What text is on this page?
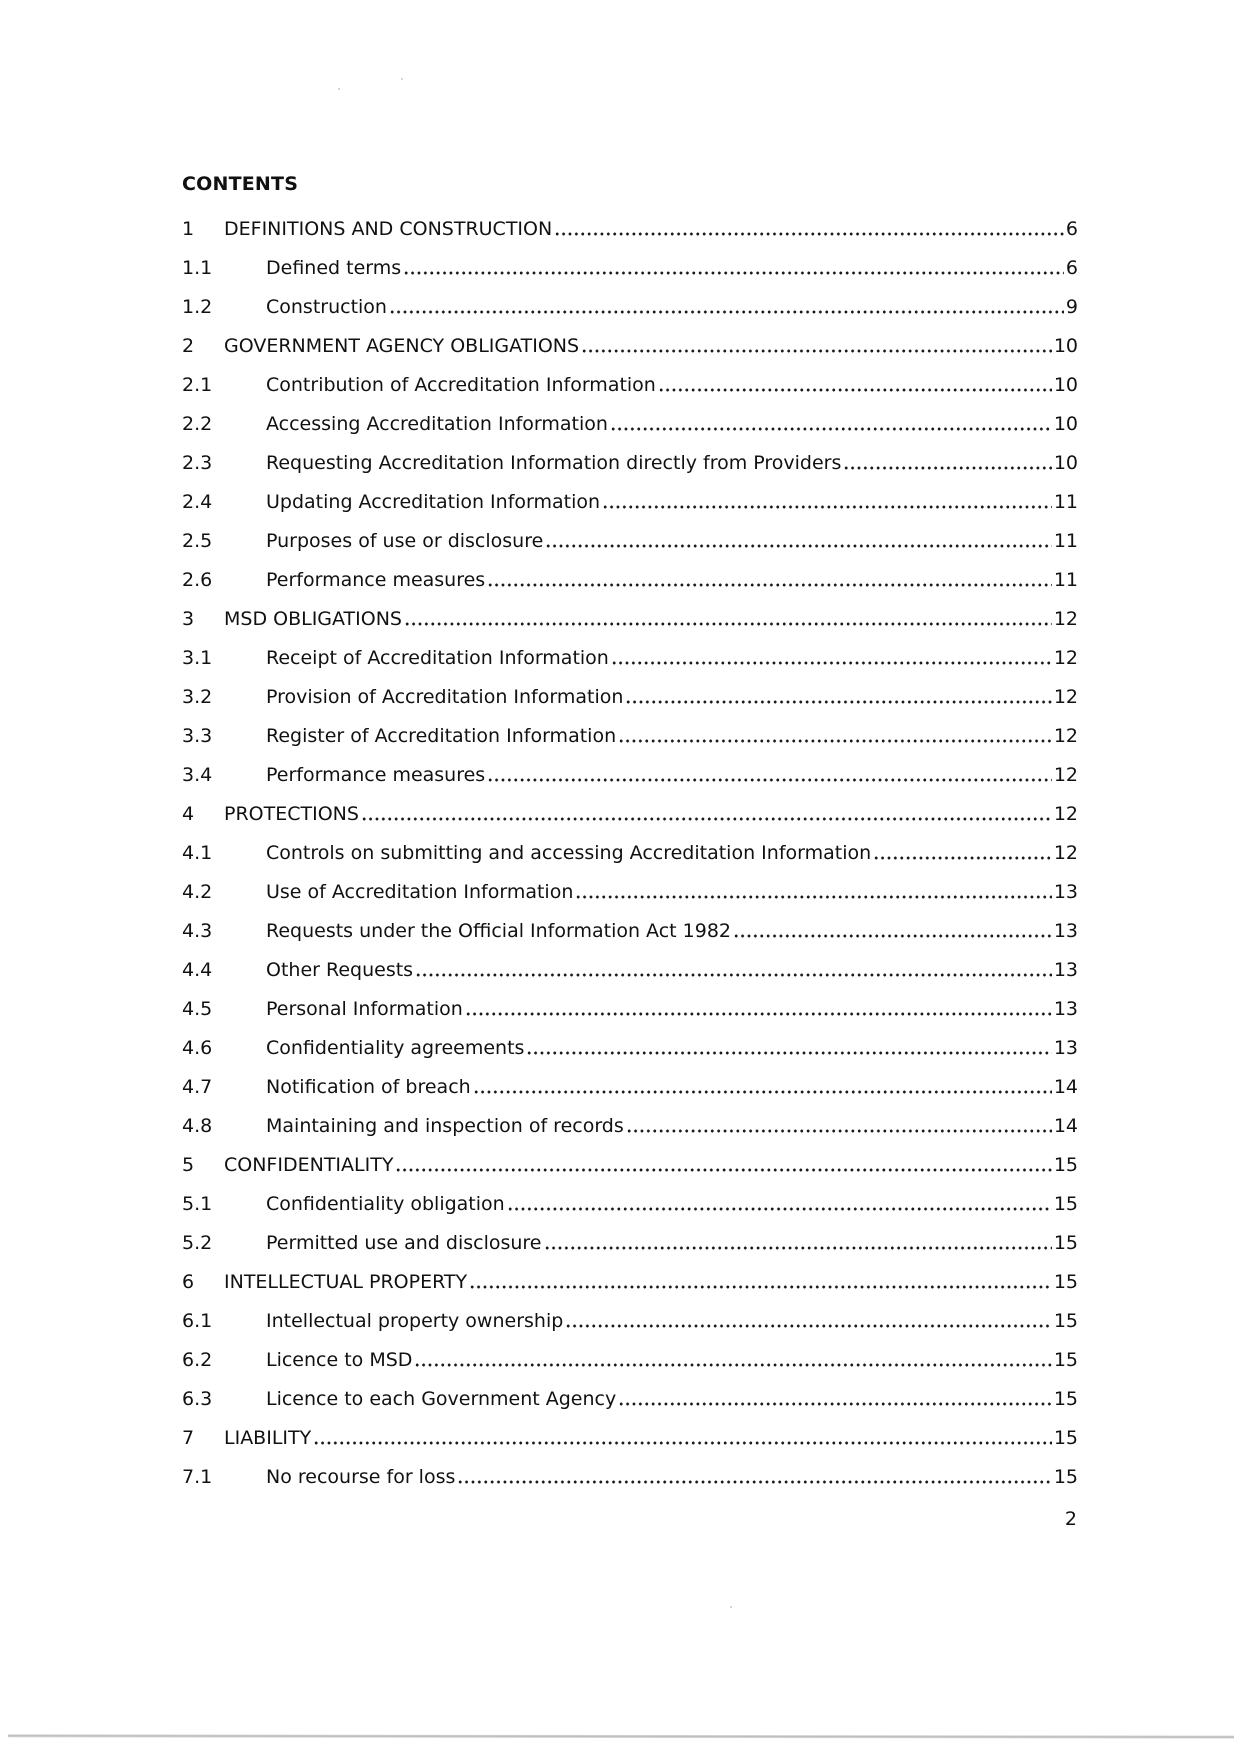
CONTENTS
1	DEFINITIONS AND CONSTRUCTION	6
1.1	Defined terms	6
1.2	Construction	9
2	GOVERNMENT AGENCY OBLIGATIONS	10
2.1	Contribution of Accreditation Information	10
2.2	Accessing Accreditation Information	10
2.3	Requesting Accreditation Information directly from Providers	10
2.4	Updating Accreditation Information	11
2.5	Purposes of use or disclosure	11
2.6	Performance measures	11
3	MSD OBLIGATIONS	12
3.1	Receipt of Accreditation Information	12
3.2	Provision of Accreditation Information	12
3.3	Register of Accreditation Information	12
3.4	Performance measures	12
4	PROTECTIONS	12
4.1	Controls on submitting and accessing Accreditation Information	12
4.2	Use of Accreditation Information	13
4.3	Requests under the Official Information Act 1982	13
4.4	Other Requests	13
4.5	Personal Information	13
4.6	Confidentiality agreements	13
4.7	Notification of breach	14
4.8	Maintaining and inspection of records	14
5	CONFIDENTIALITY	15
5.1	Confidentiality obligation	15
5.2	Permitted use and disclosure	15
6	INTELLECTUAL PROPERTY	15
6.1	Intellectual property ownership	15
6.2	Licence to MSD	15
6.3	Licence to each Government Agency	15
7	LIABILITY	15
7.1	No recourse for loss	15
2
